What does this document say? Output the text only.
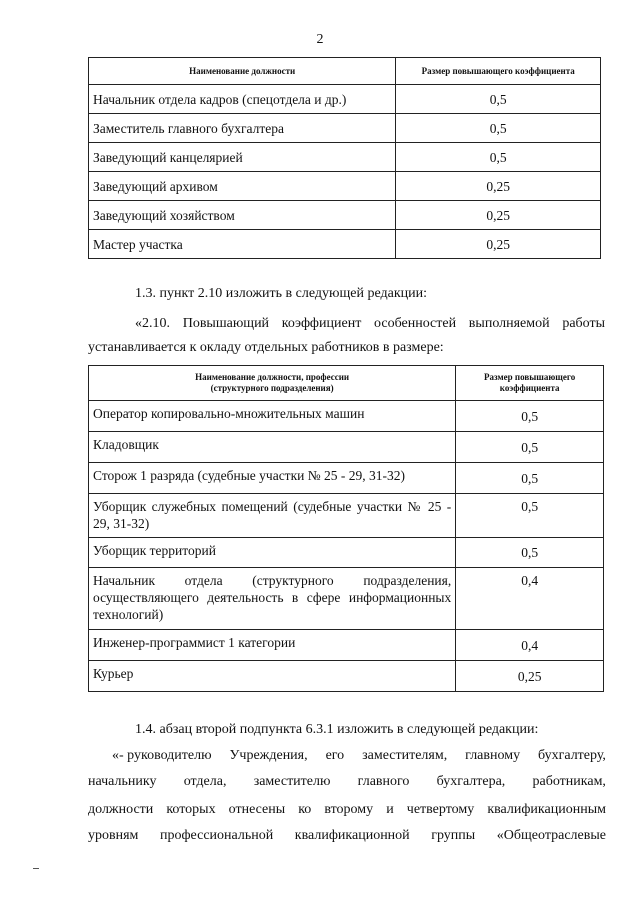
2
Наименование должности	Размер повышающего коэффициента
Начальник отдела кадров (спецотдела и др.)	0,5
Заместитель главного бухгалтера	0,5
Заведующий канцелярией	0,5
Заведующий архивом	0,25
Заведующий хозяйством	0,25
Мастер участка	0,25

1.3. пункт 2.10 изложить в следующей редакции:

«2.10. Повышающий коэффициент особенностей выполняемой работы

устанавливается к окладу отдельных работников в размере:

Наименование должности, профессии
(структурного подразделения)	Размер повышающего
коэффициента
Оператор копировально-множительных машин	0,5
Кладовщик	0,5
Сторож 1 разряда (судебные участки № 25 - 29, 31-32)	0,5
Уборщик служебных помещений (судебные участки № 25 - 29, 31-32)	0,5
Уборщик территорий	0,5
Начальник отдела (структурного подразделения, осуществляющего деятельность в сфере информационных технологий)	0,4
Инженер-программист 1 категории	0,4
Курьер	0,25

1.4. абзац второй подпункта 6.3.1 изложить в следующей редакции:

«- руководителю Учреждения, его заместителям, главному бухгалтеру,
начальнику отдела, заместителю главного бухгалтера, работникам,
должности которых отнесены ко второму и четвертому квалификационным
уровням профессиональной квалификационной группы «Общеотраслевые
